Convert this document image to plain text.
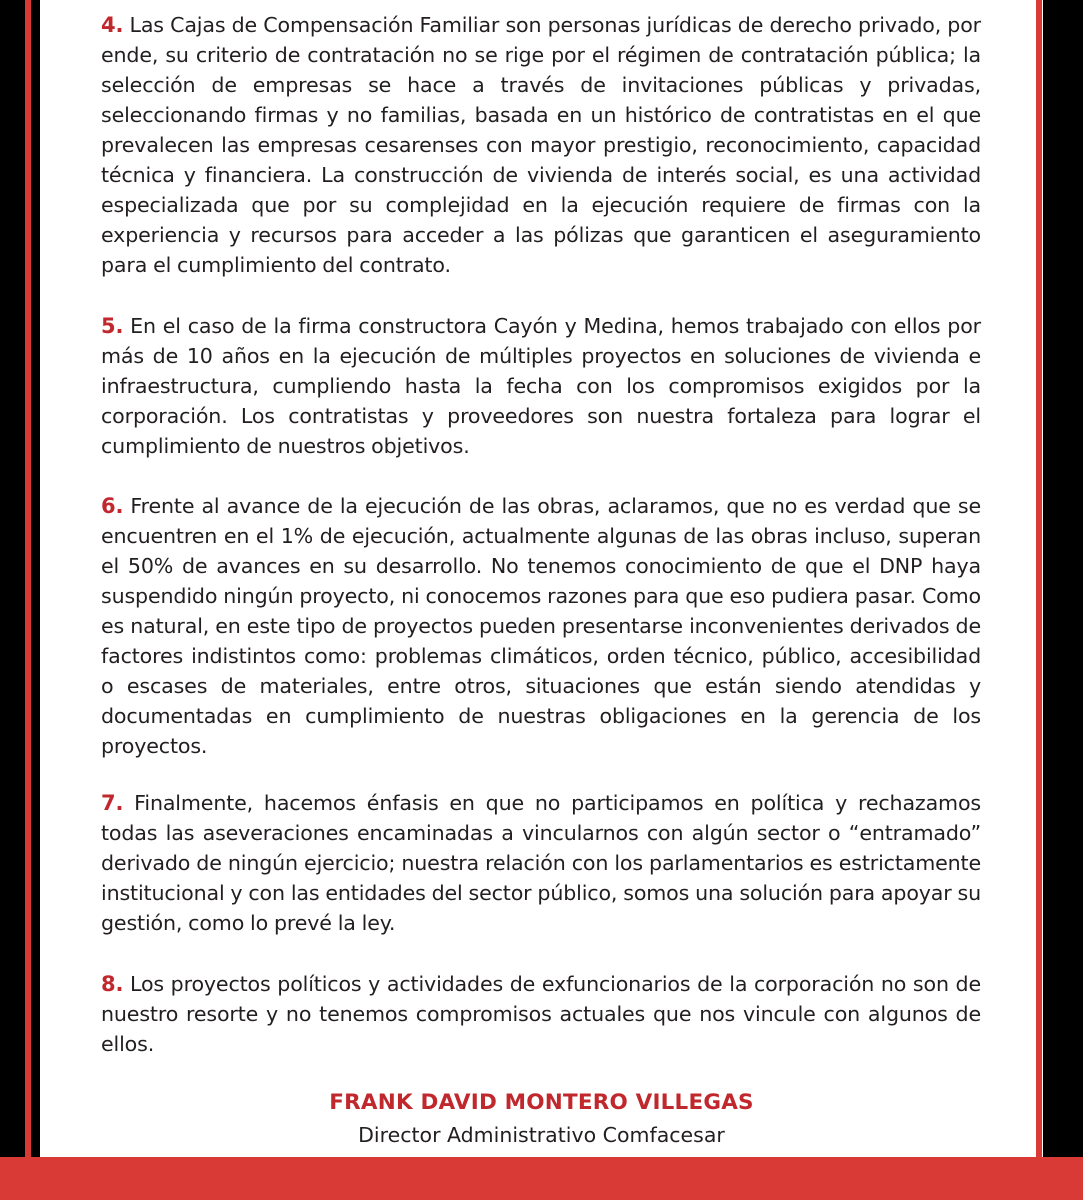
4. Las Cajas de Compensación Familiar son personas jurídicas de derecho privado, por ende, su criterio de contratación no se rige por el régimen de contratación pública; la selección de empresas se hace a través de invitaciones públicas y privadas, seleccionando firmas y no familias, basada en un histórico de contratistas en el que prevalecen las empresas cesarenses con mayor prestigio, reconocimiento, capacidad técnica y financiera. La construcción de vivienda de interés social, es una actividad especializada que por su complejidad en la ejecución requiere de firmas con la experiencia y recursos para acceder a las pólizas que garanticen el aseguramiento para el cumplimiento del contrato.

5. En el caso de la firma constructora Cayón y Medina, hemos trabajado con ellos por más de 10 años en la ejecución de múltiples proyectos en soluciones de vivienda e infraestructura, cumpliendo hasta la fecha con los compromisos exigidos por la corporación. Los contratistas y proveedores son nuestra fortaleza para lograr el cumplimiento de nuestros objetivos.

6. Frente al avance de la ejecución de las obras, aclaramos, que no es verdad que se encuentren en el 1% de ejecución, actualmente algunas de las obras incluso, superan el 50% de avances en su desarrollo. No tenemos conocimiento de que el DNP haya suspendido ningún proyecto, ni conocemos razones para que eso pudiera pasar. Como es natural, en este tipo de proyectos pueden presentarse inconvenientes derivados de factores indistintos como: problemas climáticos, orden técnico, público, accesibilidad o escases de materiales, entre otros, situaciones que están siendo atendidas y documentadas en cumplimiento de nuestras obligaciones en la gerencia de los proyectos.

7. Finalmente, hacemos énfasis en que no participamos en política y rechazamos todas las aseveraciones encaminadas a vincularnos con algún sector o “entramado” derivado de ningún ejercicio; nuestra relación con los parlamentarios es estrictamente institucional y con las entidades del sector público, somos una solución para apoyar su gestión, como lo prevé la ley.

8. Los proyectos políticos y actividades de exfuncionarios de la corporación no son de nuestro resorte y no tenemos compromisos actuales que nos vincule con algunos de ellos.

FRANK DAVID MONTERO VILLEGAS
Director Administrativo Comfacesar
